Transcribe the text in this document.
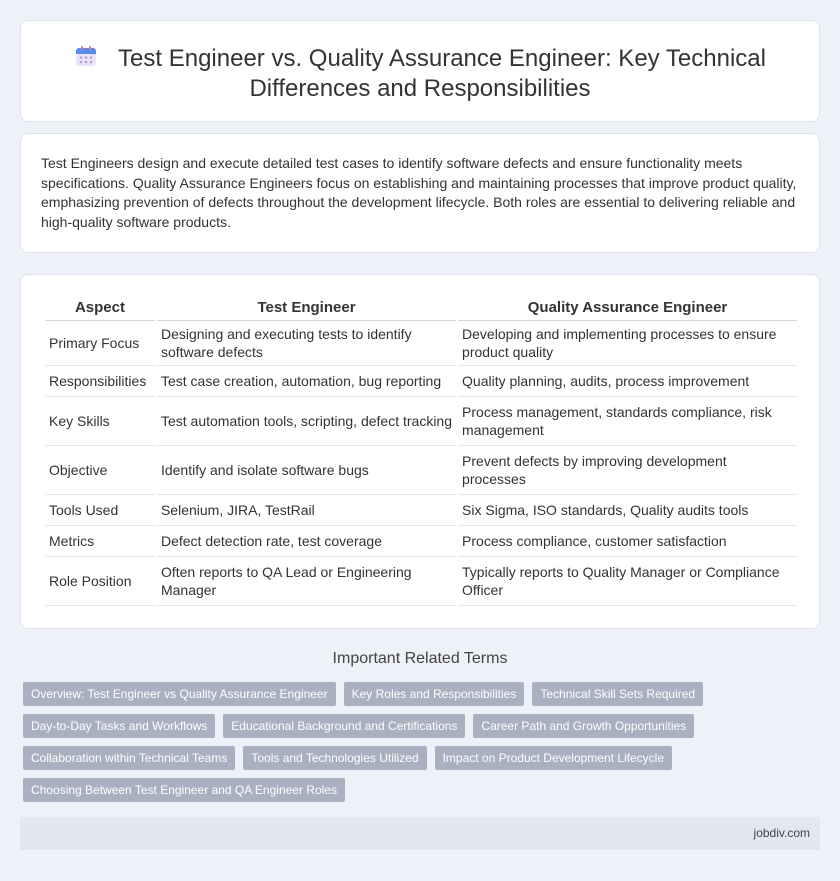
Test Engineer vs. Quality Assurance Engineer: Key Technical
Differences and Responsibilities

Test Engineers design and execute detailed test cases to identify software defects and ensure functionality meets specifications. Quality Assurance Engineers focus on establishing and maintaining processes that improve product quality, emphasizing prevention of defects throughout the development lifecycle. Both roles are essential to delivering reliable and high-quality software products.

Aspect	Test Engineer	Quality Assurance Engineer
Primary Focus	Designing and executing tests to identify software defects	Developing and implementing processes to ensure product quality
Responsibilities	Test case creation, automation, bug reporting	Quality planning, audits, process improvement
Key Skills	Test automation tools, scripting, defect tracking	Process management, standards compliance, risk management
Objective	Identify and isolate software bugs	Prevent defects by improving development processes
Tools Used	Selenium, JIRA, TestRail	Six Sigma, ISO standards, Quality audits tools
Metrics	Defect detection rate, test coverage	Process compliance, customer satisfaction
Role Position	Often reports to QA Lead or Engineering Manager	Typically reports to Quality Manager or Compliance Officer
Important Related Terms
Overview: Test Engineer vs Quality Assurance Engineer	Key Roles and Responsibilities	Technical Skill Sets Required
Day-to-Day Tasks and Workflows	Educational Background and Certifications	Career Path and Growth Opportunities
Collaboration within Technical Teams	Tools and Technologies Utilized	Impact on Product Development Lifecycle
Choosing Between Test Engineer and QA Engineer Roles
jobdiv.com
